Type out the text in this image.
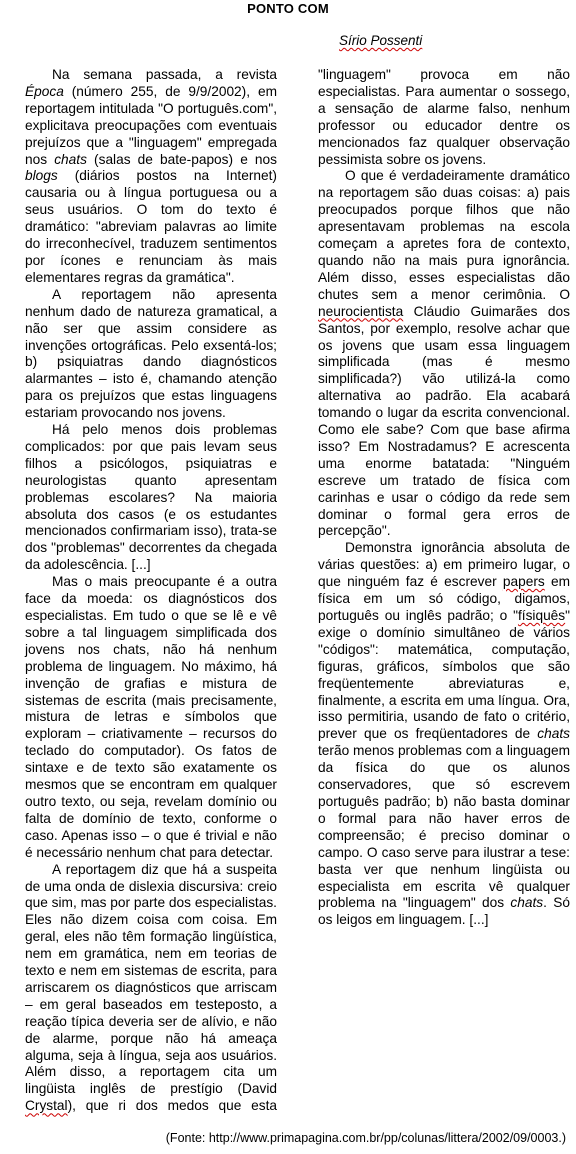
PONTO COM
Sírio Possenti

Na semana passada, a revista Época (número 255, de 9/9/2002), em reportagem intitulada "O português.com", explicitava preocupações com eventuais prejuízos que a "linguagem" empregada nos chats (salas de bate-papos) e nos blogs (diários postos na Internet) causaria ou à língua portuguesa ou a seus usuários. O tom do texto é dramático: "abreviam palavras ao limite do irreconhecível, traduzem sentimentos por ícones e renunciam às mais elementares regras da gramática".

A reportagem não apresenta nenhum dado de natureza gramatical, a não ser que assim considere as invenções ortográficas. Pelo exsentá-los; b) psiquiatras dando diagnósticos alarmantes – isto é, chamando atenção para os prejuízos que estas linguagens estariam provocando nos jovens.

Há pelo menos dois problemas complicados: por que pais levam seus filhos a psicólogos, psiquiatras e neurologistas quanto apresentam problemas escolares? Na maioria absoluta dos casos (e os estudantes mencionados confirmariam isso), trata-se dos "problemas" decorrentes da chegada da adolescência. [...]

Mas o mais preocupante é a outra face da moeda: os diagnósticos dos especialistas. Em tudo o que se lê e vê sobre a tal linguagem simplificada dos jovens nos chats, não há nenhum problema de linguagem. No máximo, há invenção de grafias e mistura de sistemas de escrita (mais precisamente, mistura de letras e símbolos que exploram – criativamente – recursos do teclado do computador). Os fatos de sintaxe e de texto são exatamente os mesmos que se encontram em qualquer outro texto, ou seja, revelam domínio ou falta de domínio de texto, conforme o caso. Apenas isso – o que é trivial e não é necessário nenhum chat para detectar.

A reportagem diz que há a suspeita de uma onda de dislexia discursiva: creio que sim, mas por parte dos especialistas. Eles não dizem coisa com coisa. Em geral, eles não têm formação lingüística, nem em gramática, nem em teorias de texto e nem em sistemas de escrita, para arriscarem os diagnósticos que arriscam – em geral baseados em testeposto, a reação típica deveria ser de alívio, e não de alarme, porque não há ameaça alguma, seja à língua, seja aos usuários. Além disso, a reportagem cita um lingüista inglês de prestígio (David Crystal), que ri dos medos que esta "linguagem" provoca em não especialistas. Para aumentar o sossego, a sensação de alarme falso, nenhum professor ou educador dentre os mencionados faz qualquer observação pessimista sobre os jovens.

O que é verdadeiramente dramático na reportagem são duas coisas: a) pais preocupados porque filhos que não apresentavam problemas na escola começam a apretes fora de contexto, quando não na mais pura ignorância. Além disso, esses especialistas dão chutes sem a menor cerimônia. O neurocientista Cláudio Guimarães dos Santos, por exemplo, resolve achar que os jovens que usam essa linguagem simplificada (mas é mesmo simplificada?) vão utilizá-la como alternativa ao padrão. Ela acabará tomando o lugar da escrita convencional. Como ele sabe? Com que base afirma isso? Em Nostradamus? E acrescenta uma enorme batatada: "Ninguém escreve um tratado de física com carinhas e usar o código da rede sem dominar o formal gera erros de percepção".

Demonstra ignorância absoluta de várias questões: a) em primeiro lugar, o que ninguém faz é escrever papers em física em um só código, digamos, português ou inglês padrão; o "físiquês" exige o domínio simultâneo de vários "códigos": matemática, computação, figuras, gráficos, símbolos que são freqüentemente abreviaturas e, finalmente, a escrita em uma língua. Ora, isso permitiria, usando de fato o critério, prever que os freqüentadores de chats terão menos problemas com a linguagem da física do que os alunos conservadores, que só escrevem português padrão; b) não basta dominar o formal para não haver erros de compreensão; é preciso dominar o campo. O caso serve para ilustrar a tese: basta ver que nenhum lingüista ou especialista em escrita vê qualquer problema na "linguagem" dos chats. Só os leigos em linguagem. [...]

(Fonte: http://www.primapagina.com.br/pp/colunas/littera/2002/09/0003.)
